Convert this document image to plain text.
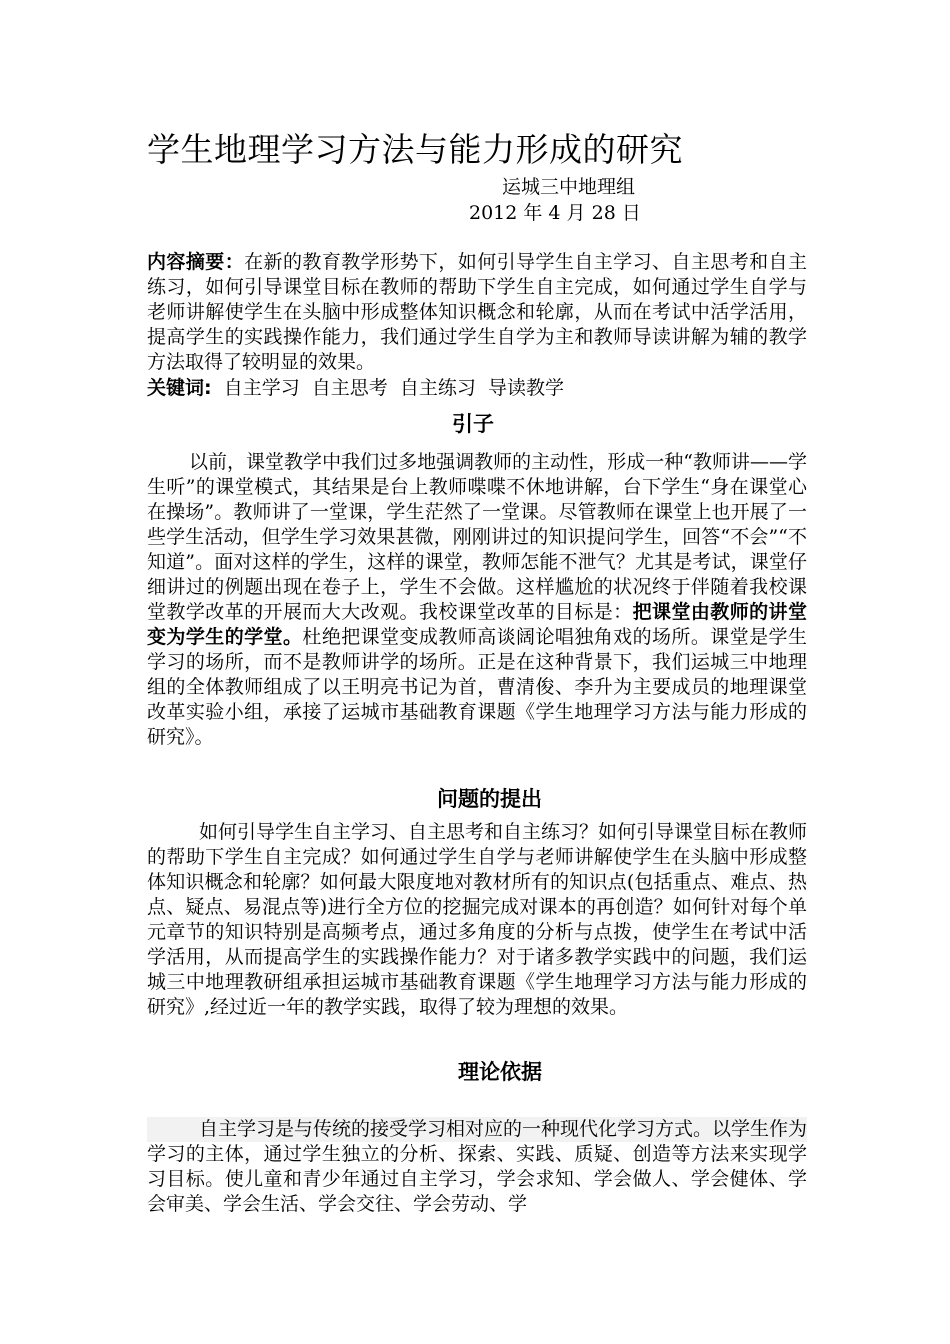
学生地理学习方法与能力形成的研究
运城三中地理组
2012 年 4 月 28 日
内容摘要：在新的教育教学形势下，如何引导学生自主学习、自主思考和自主练习，如何引导课堂目标在教师的帮助下学生自主完成，如何通过学生自学与老师讲解使学生在头脑中形成整体知识概念和轮廓，从而在考试中活学活用，提高学生的实践操作能力，我们通过学生自学为主和教师导读讲解为辅的教学方法取得了较明显的效果。
关键词: 自主学习  自主思考  自主练习  导读教学
引子
以前，课堂教学中我们过多地强调教师的主动性，形成一种“教师讲——学生听”的课堂模式，其结果是台上教师喋喋不休地讲解，台下学生“身在课堂心在操场”。教师讲了一堂课，学生茫然了一堂课。尽管教师在课堂上也开展了一些学生活动，但学生学习效果甚微，刚刚讲过的知识提问学生，回答“不会”“不知道”。面对这样的学生，这样的课堂，教师怎能不泄气？尤其是考试，课堂仔细讲过的例题出现在卷子上，学生不会做。这样尴尬的状况终于伴随着我校课堂教学改革的开展而大大改观。我校课堂改革的目标是：把课堂由教师的讲堂变为学生的学堂。杜绝把课堂变成教师高谈阔论唱独角戏的场所。课堂是学生学习的场所，而不是教师讲学的场所。正是在这种背景下，我们运城三中地理组的全体教师组成了以王明亮书记为首，曹清俊、李升为主要成员的地理课堂改革实验小组，承接了运城市基础教育课题《学生地理学习方法与能力形成的研究》。
问题的提出
如何引导学生自主学习、自主思考和自主练习？如何引导课堂目标在教师的帮助下学生自主完成？如何通过学生自学与老师讲解使学生在头脑中形成整体知识概念和轮廓？如何最大限度地对教材所有的知识点(包括重点、难点、热点、疑点、易混点等)进行全方位的挖掘完成对课本的再创造？如何针对每个单元章节的知识特别是高频考点，通过多角度的分析与点拨，使学生在考试中活学活用，从而提高学生的实践操作能力？对于诸多教学实践中的问题，我们运城三中地理教研组承担运城市基础教育课题《学生地理学习方法与能力形成的研究》,经过近一年的教学实践，取得了较为理想的效果。
理论依据
自主学习是与传统的接受学习相对应的一种现代化学习方式。以学生作为学习的主体，通过学生独立的分析、探索、实践、质疑、创造等方法来实现学习目标。使儿童和青少年通过自主学习，学会求知、学会做人、学会健体、学会审美、学会生活、学会交往、学会劳动、学
